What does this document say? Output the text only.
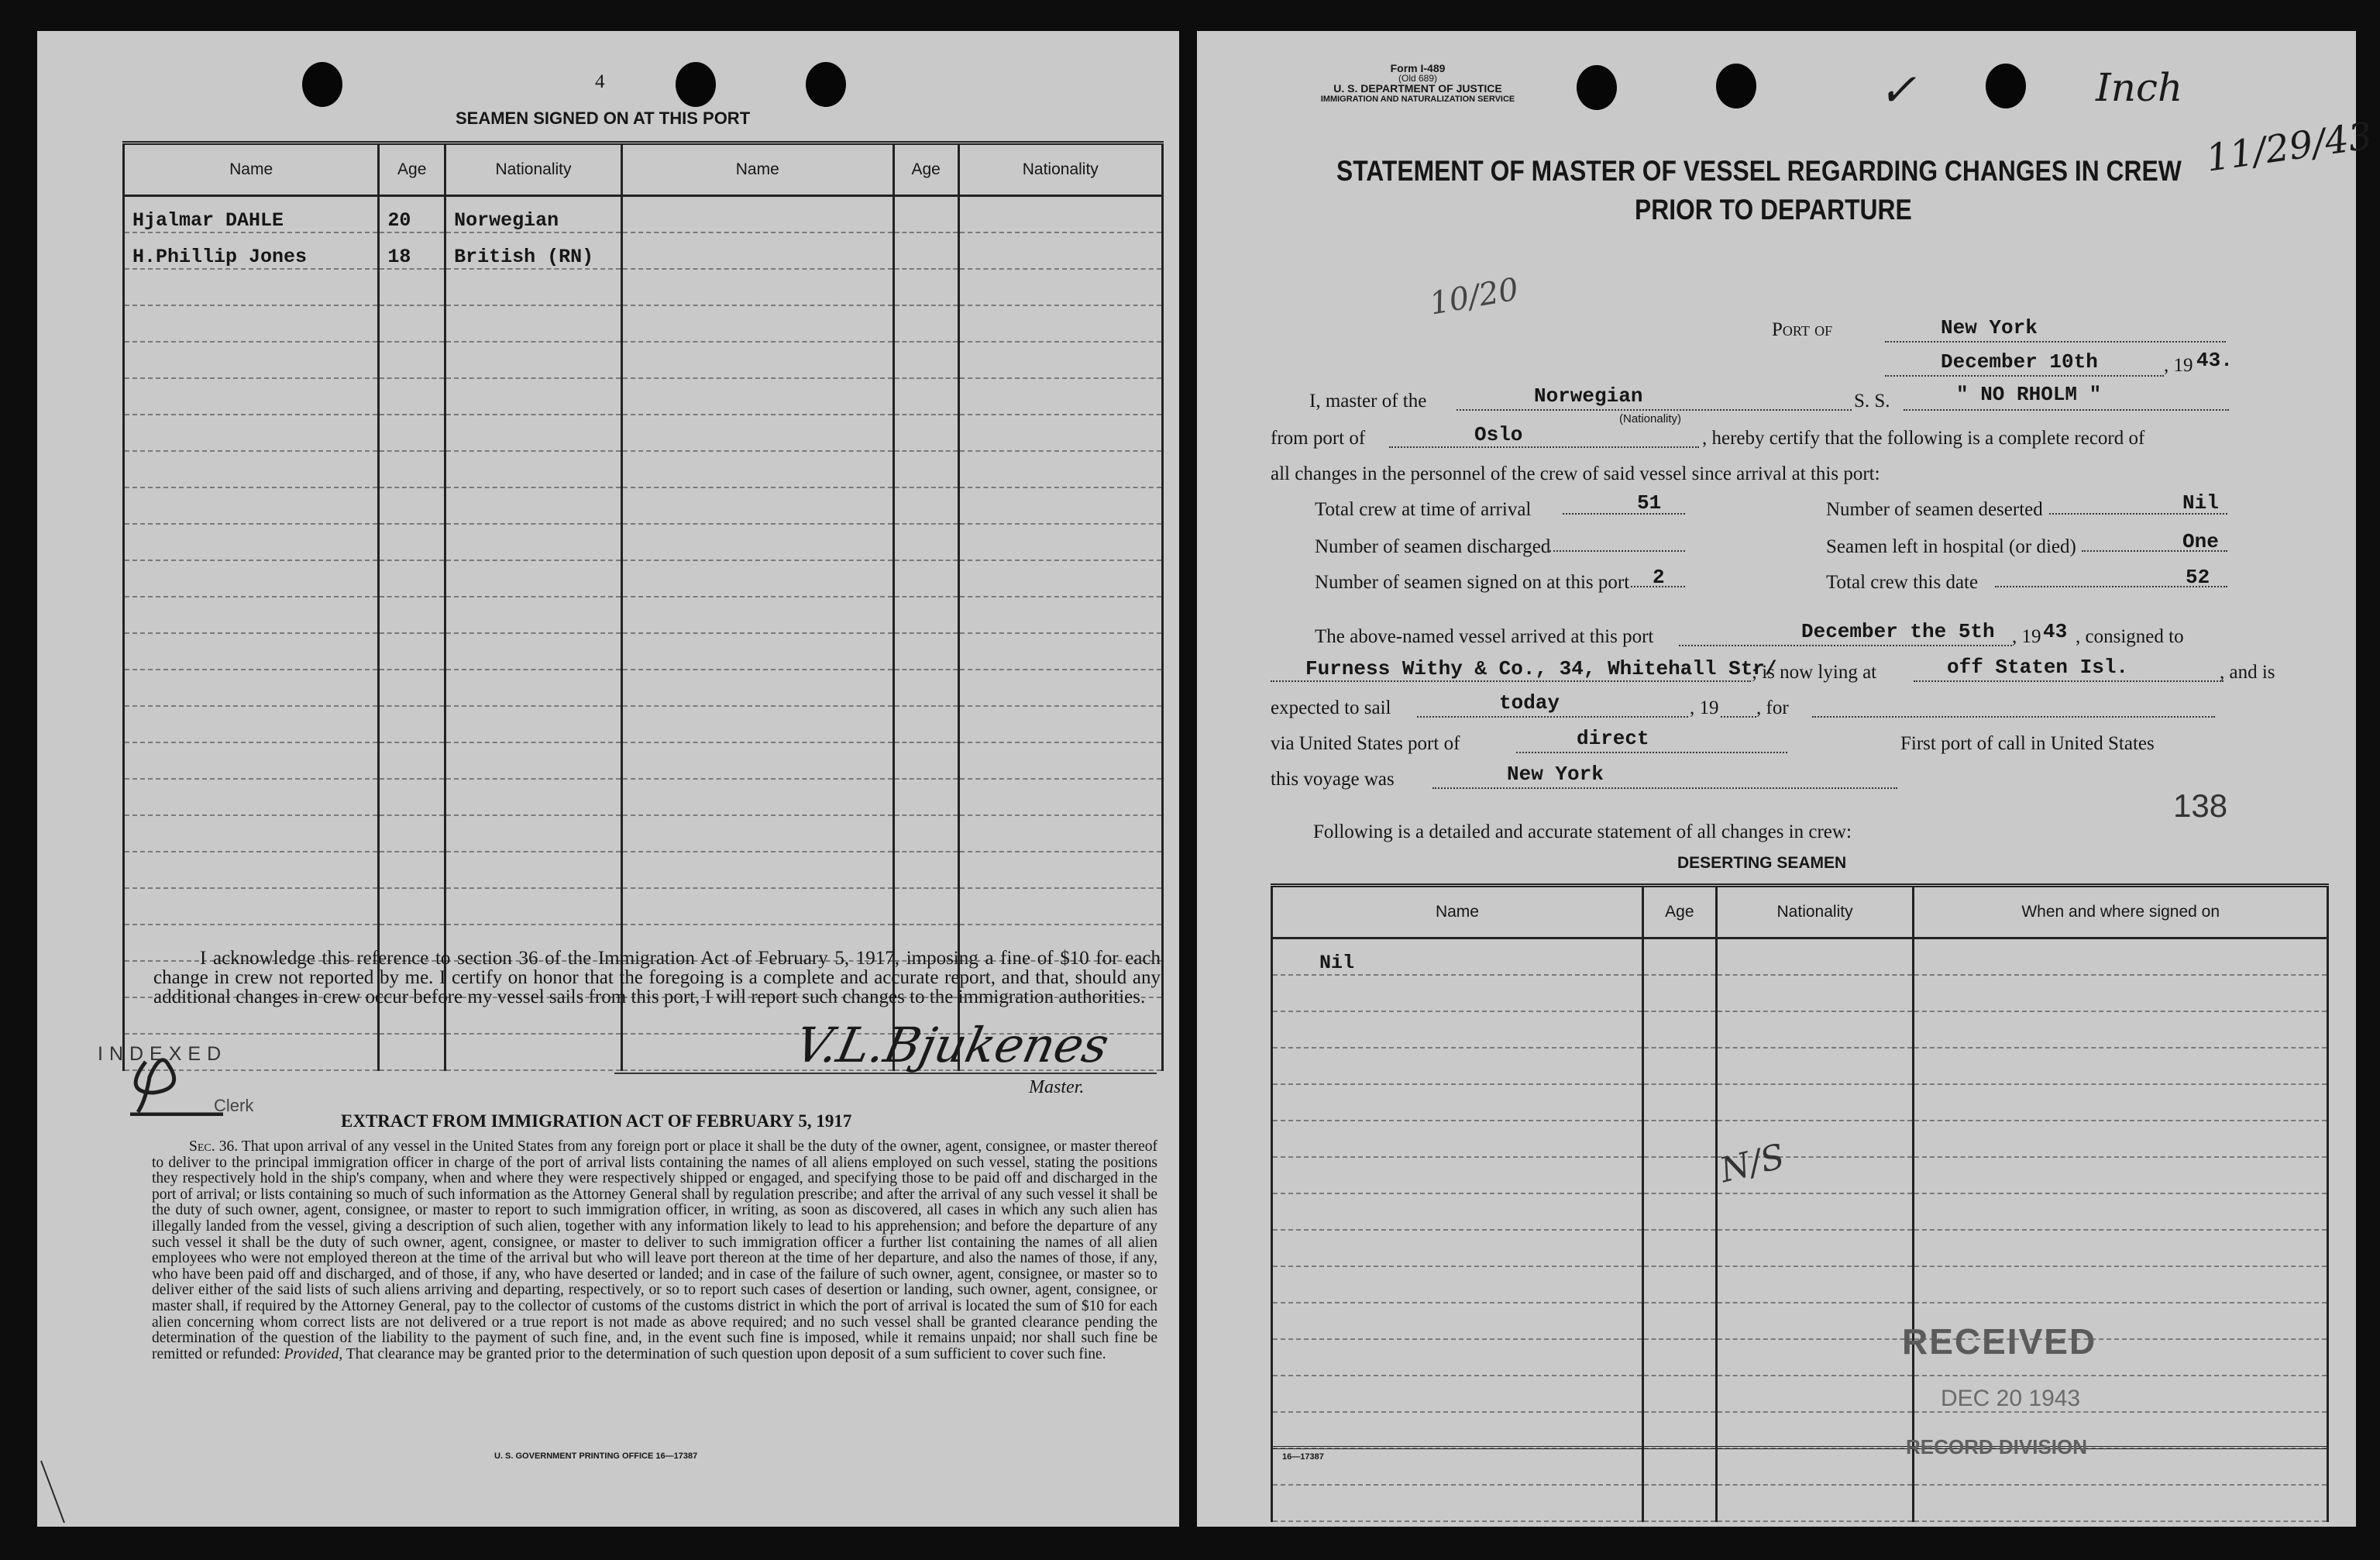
4
SEAMEN SIGNED ON AT THIS PORT
Name	Age	Nationality	Name	Age	Nationality
Hjalmar DAHLE	20	Norwegian			
H.Phillip Jones	18	British (RN)			

I acknowledge this reference to section 36 of the Immigration Act of February 5, 1917, imposing a fine of $10 for each change in crew not reported by me. I certify on honor that the foregoing is a complete and accurate report, and that, should any additional changes in crew occur before my vessel sails from this port, I will report such changes to the immigration authorities.
INDEXED
Clerk
V.L.Bjukenes
Master.
EXTRACT FROM IMMIGRATION ACT OF FEBRUARY 5, 1917
Sec. 36. That upon arrival of any vessel in the United States from any foreign port or place it shall be the duty of the owner, agent, consignee, or master thereof to deliver to the principal immigration officer in charge of the port of arrival lists containing the names of all aliens employed on such vessel, stating the positions they respectively hold in the ship's company, when and where they were respectively shipped or engaged, and specifying those to be paid off and discharged in the port of arrival; or lists containing so much of such information as the Attorney General shall by regulation prescribe; and after the arrival of any such vessel it shall be the duty of such owner, agent, consignee, or master to report to such immigration officer, in writing, as soon as discovered, all cases in which any such alien has illegally landed from the vessel, giving a description of such alien, together with any information likely to lead to his apprehension; and before the departure of any such vessel it shall be the duty of such owner, agent, consignee, or master to deliver to such immigration officer a further list containing the names of all alien employees who were not employed thereon at the time of the arrival but who will leave port thereon at the time of her departure, and also the names of those, if any, who have been paid off and discharged, and of those, if any, who have deserted or landed; and in case of the failure of such owner, agent, consignee, or master so to deliver either of the said lists of such aliens arriving and departing, respectively, or so to report such cases of desertion or landing, such owner, agent, consignee, or master shall, if required by the Attorney General, pay to the collector of customs of the customs district in which the port of arrival is located the sum of $10 for each alien concerning whom correct lists are not delivered or a true report is not made as above required; and no such vessel shall be granted clearance pending the determination of the question of the liability to the payment of such fine, and, in the event such fine is imposed, while it remains unpaid; nor shall such fine be remitted or refunded: Provided, That clearance may be granted prior to the determination of such question upon deposit of a sum sufficient to cover such fine.
U. S. GOVERNMENT PRINTING OFFICE 16—17387
Form I-489
(Old 689)
U. S. DEPARTMENT OF JUSTICE
IMMIGRATION AND NATURALIZATION SERVICE	✓	Inch
11/29/43
STATEMENT OF MASTER OF VESSEL REGARDING CHANGES IN CREW
PRIOR TO DEPARTURE
10/20
Port of	New York
December 10th	, 19 43.
I, master of the	Norwegian
(Nationality)
S. S.	" NO RHOLM "
from port of	Oslo	, hereby certify that the following is a complete record of
all changes in the personnel of the crew of said vessel since arrival at this port:
Total crew at time of arrival	51	Number of seamen deserted	Nil
Number of seamen discharged	Seamen left in hospital (or died)	One
Number of seamen signed on at this port 2	Total crew this date	52
The above-named vessel arrived at this port	December the 5th , 19 43 , consigned to
Furness Withy & Co., 34, Whitehall Str/
; is now lying at	off Staten Isl.	, and is
expected to sail	today	, 19 , for
via United States port of	direct	First port of call in United States
this voyage was	New York
138
Following is a detailed and accurate statement of all changes in crew:
DESERTING SEAMEN
Name	Age	Nationality	When and where signed on
Nil			

N/S
RECEIVED
DEC 20 1943
RECORD DIVISION
16—17387
